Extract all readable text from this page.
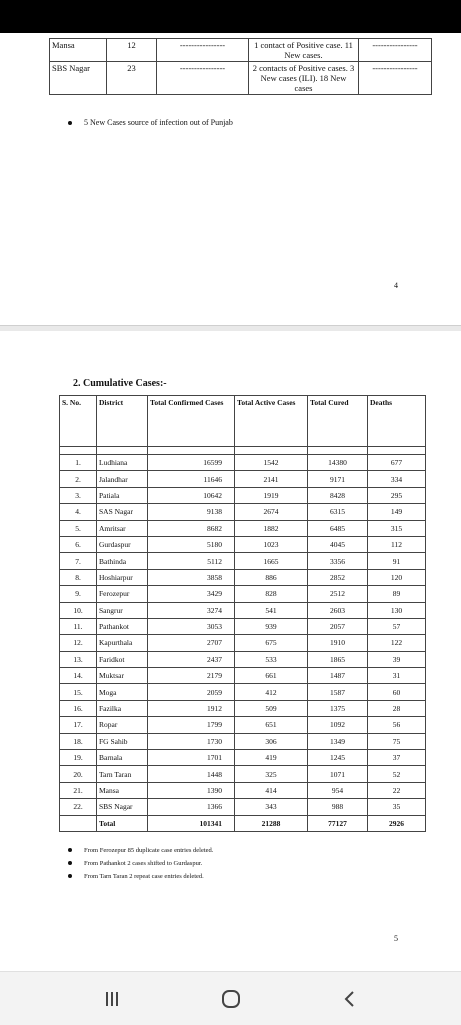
Mansa	12	----------------	1 contact of Positive case. 11 New cases.	----------------
SBS Nagar	23	----------------	2 contacts of Positive cases. 3 New cases (ILI). 18 New cases	----------------
5 New Cases source of infection out of Punjab
4
2. Cumulative Cases:-
S. No.	District	Total Confirmed Cases	Total Active Cases	Total Cured	Deaths

1.	Ludhiana	16599	1542	14380	677
2.	Jalandhar	11646	2141	9171	334
3.	Patiala	10642	1919	8428	295
4.	SAS Nagar	9138	2674	6315	149
5.	Amritsar	8682	1882	6485	315
6.	Gurdaspur	5180	1023	4045	112
7.	Bathinda	5112	1665	3356	91
8.	Hoshiarpur	3858	886	2852	120
9.	Ferozepur	3429	828	2512	89
10.	Sangrur	3274	541	2603	130
11.	Pathankot	3053	939	2057	57
12.	Kapurthala	2707	675	1910	122
13.	Faridkot	2437	533	1865	39
14.	Muktsar	2179	661	1487	31
15.	Moga	2059	412	1587	60
16.	Fazilka	1912	509	1375	28
17.	Ropar	1799	651	1092	56
18.	FG Sahib	1730	306	1349	75
19.	Barnala	1701	419	1245	37
20.	Tarn Taran	1448	325	1071	52
21.	Mansa	1390	414	954	22
22.	SBS Nagar	1366	343	988	35
	Total	101341	21288	77127	2926
From Ferozepur 85 duplicate case entries deleted.
From Pathankot 2 cases shifted to Gurdaspur.
From Tarn Taran 2 repeat case entries deleted.
5
